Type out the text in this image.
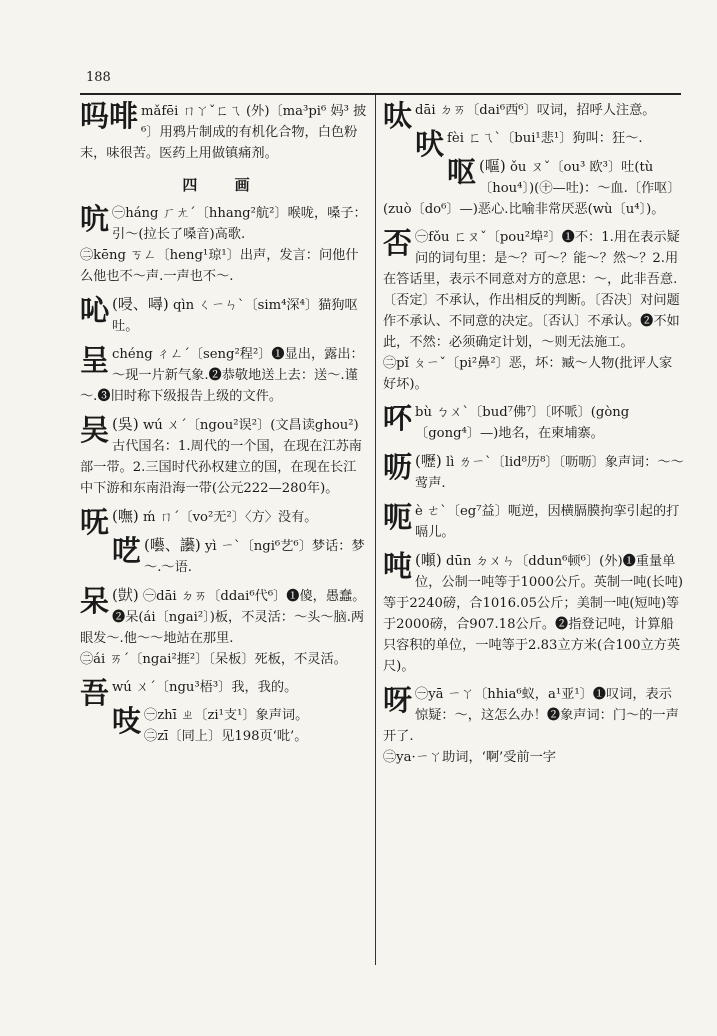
188
吗啡 mǎfēi ㄇㄚˇㄈㄟ (外)〔ma³pi⁶ 妈³ 披⁶〕用鸦片制成的有机化合物，白色粉末，味很苦。医药上用做镇痛剂。
四 画
吭 ㊀háng ㄏㄤˊ〔hhang²航²〕喉咙，嗓子：引～(拉长了嗓音)高歌.

㊁kēng ㄎㄥ〔heng¹琼¹〕出声，发言：问他什么他也不～声.一声也不～.

吣 (唚、噚) qìn ㄑㄧㄣˋ〔sim⁴深⁴〕猫狗呕吐。
呈chéng ㄔㄥˊ〔seng²程²〕❶显出，露出：～现一片新气象.❷恭敬地送上去：送～.谨～.❸旧时称下级报告上级的文件。
吴 (吳) wú ㄨˊ〔ngou²误²〕(文昌读ghou²)古代国名：1.周代的一个国，在现在江苏南部一带。2.三国时代孙权建立的国，在现在长江中下游和东南沿海一带(公元222—280年)。
呒 (嘸) ḿ ㄇˊ〔vo²无²〕〈方〉没有。
呓 (囈、讛) yì ㄧˋ〔ngi⁶艺⁶〕梦话：梦～.～语.
呆 (獃) ㊀dāi ㄉㄞ〔ddai⁶代⁶〕❶傻，愚蠢。❷呆(ái〔ngai²〕)板，不灵活：～头～脑.两眼发～.他～～地站在那里.

㊁ái ㄞˊ〔ngai²捱²〕〔呆板〕死板，不灵活。

吾wú ㄨˊ〔ngu³梧³〕我，我的。
吱 ㊀zhī ㄓ〔zi¹支¹〕象声词。

㊁zī〔同上〕见198页‘吡’。

呔dāi ㄉㄞ〔dai⁶西⁶〕叹词，招呼人注意。
吠fèi ㄈㄟˋ〔bui¹悲¹〕狗叫：狂～.
呕 (嘔) ǒu ㄡˇ〔ou³ 欧³〕吐(tù〔hou⁴〕)(㊉—吐)：～血.〔作呕〕(zuò〔do⁶〕—)恶心.比喻非常厌恶(wù〔u⁴〕)。
否 ㊀fǒu ㄈㄡˇ〔pou²埠²〕❶不：1.用在表示疑问的词句里：是～？可～？能～？然～？2.用在答话里，表示不同意对方的意思：～，此非吾意.〔否定〕不承认，作出相反的判断。〔否决〕对问题作不承认、不同意的决定。〔否认〕不承认。❷不如此，不然：必须确定计划，～则无法施工。

㊁pǐ ㄆㄧˇ〔pi²鼻²〕恶，坏：臧～人物(批评人家好坏)。

吥bù ㄅㄨˋ〔bud⁷佛⁷〕〔吥哌〕(gòng〔gong⁴〕—)地名，在柬埔寨。
呖 (嚦) lì ㄌㄧˋ〔lid⁸历⁸〕〔呖呖〕象声词：～～莺声.
呃è ㄜˋ〔eg⁷益〕呃逆，因横膈膜拘挛引起的打嗝儿。
吨 (噸) dūn ㄉㄨㄣ〔ddun⁶顿⁶〕(外)❶重量单位，公制一吨等于1000公斤。英制一吨(长吨)等于2240磅，合1016.05公斤；美制一吨(短吨)等于2000磅，合907.18公斤。❷指登记吨，计算船只容积的单位，一吨等于2.83立方米(合100立方英尺)。
呀 ㊀yā ㄧㄚ〔hhia⁶蚁，a¹亚¹〕❶叹词，表示惊疑：～，这怎么办！❷象声词：门～的一声开了.

㊁ya·ㄧㄚ助词，‘啊’受前一字
